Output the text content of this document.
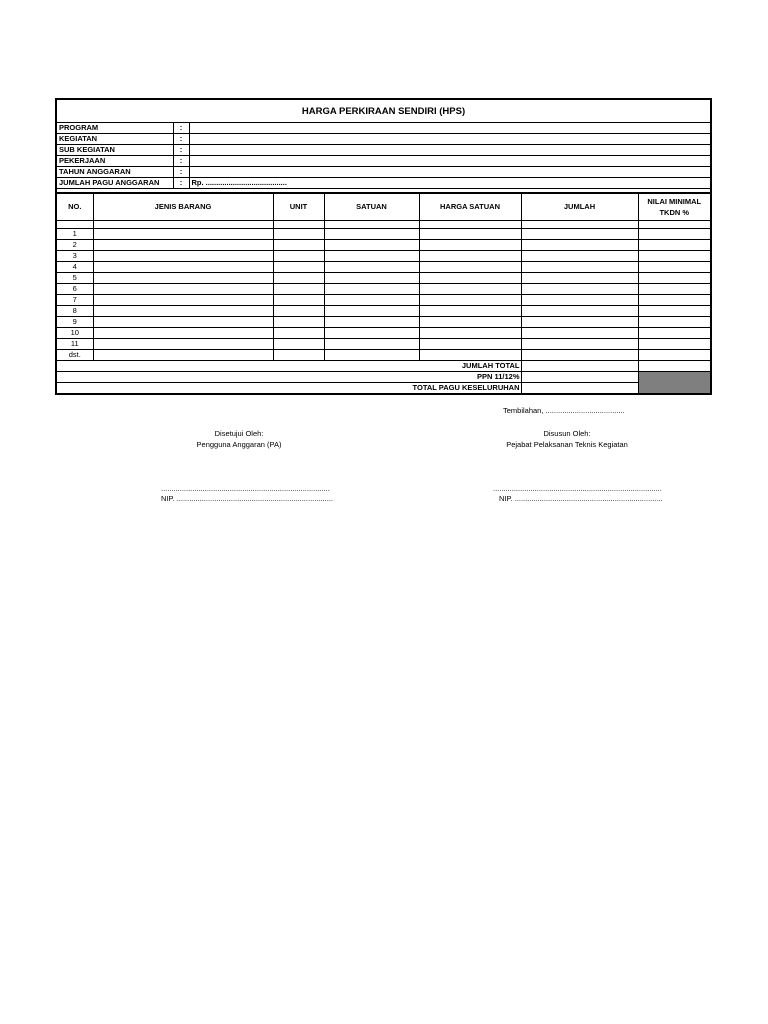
HARGA PERKIRAAN SENDIRI (HPS)
PROGRAM	:	
KEGIATAN	:	
SUB KEGIATAN	:	
PEKERJAAN	:	
TAHUN ANGGARAN	:	
JUMLAH PAGU ANGGARAN	:	Rp. .......................................
NO.	JENIS BARANG	UNIT	SATUAN	HARGA SATUAN	JUMLAH	NILAI MINIMAL TKDN %

1						
2						
3						
4						
5						
6						
7						
8						
9						
10						
11						
dst.						
JUMLAH TOTAL						
PPN 11/12%						
TOTAL PAGU KESELURUHAN						
Tembilahan, ......................................
Disetujui Oleh:
Pengguna Anggaran (PA)
.................................................................................
NIP. ...........................................................................
Disusun Oleh:
Pejabat Pelaksanan Teknis Kegiatan
.................................................................................
NIP. .......................................................................
